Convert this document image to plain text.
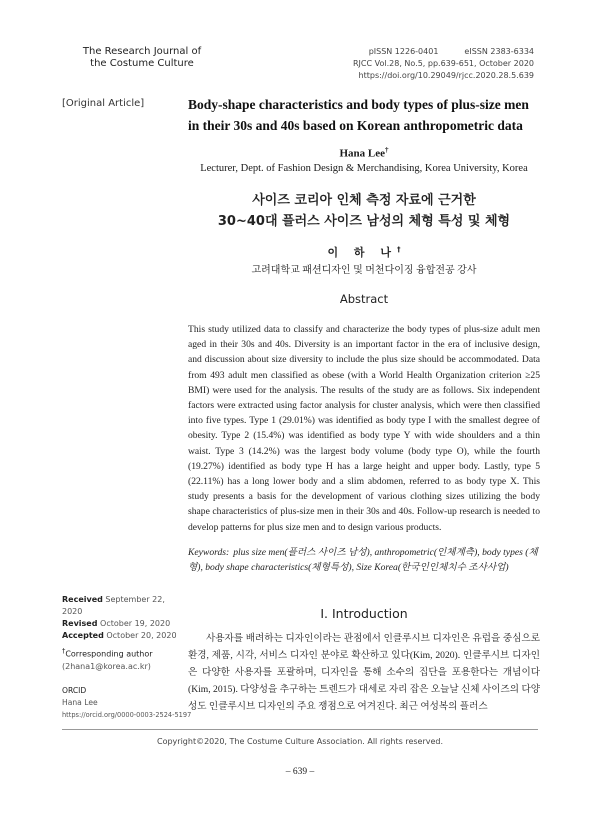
The Research Journal of
the Costume Culture
pISSN 1226-0401	eISSN 2383-6334
RJCC Vol.28, No.5, pp.639-651, October 2020
https://doi.org/10.29049/rjcc.2020.28.5.639
[Original Article]	Body-shape characteristics and body types of plus-size men in their 30s and 40s based on Korean anthropometric data
Hana Lee†
Lecturer, Dept. of Fashion Design & Merchandising, Korea University, Korea
사이즈 코리아 인체 측정 자료에 근거한
30~40대 플러스 사이즈 남성의 체형 특성 및 체형
이 하 나†
고려대학교 패션디자인 및 머천다이징 융합전공 강사
Abstract
This study utilized data to classify and characterize the body types of plus-size adult men aged in their 30s and 40s. Diversity is an important factor in the era of inclusive design, and discussion about size diversity to include the plus size should be accommodated. Data from 493 adult men classified as obese (with a World Health Organization criterion ≥25 BMI) were used for the analysis. The results of the study are as follows. Six independent factors were extracted using factor analysis for cluster analysis, which were then classified into five types. Type 1 (29.01%) was identified as body type I with the smallest degree of obesity. Type 2 (15.4%) was identified as body type Y with wide shoulders and a thin waist. Type 3 (14.2%) was the largest body volume (body type O), while the fourth (19.27%) identified as body type H has a large height and upper body. Lastly, type 5 (22.11%) has a long lower body and a slim abdomen, referred to as body type X. This study presents a basis for the development of various clothing sizes utilizing the body shape characteristics of plus-size men in their 30s and 40s. Follow-up research is needed to develop patterns for plus size men and to design various products.
Keywords: plus size men(플러스 사이즈 남성), anthropometric(인체계측), body types (체형), body shape characteristics(체형특성), Size Korea(한국인인체치수 조사사업)
Received September 22, 2020
Revised October 19, 2020
Accepted October 20, 2020
†Corresponding author
(2hana1@korea.ac.kr)
ORCID
Hana Lee
https://orcid.org/0000-0003-2524-5197
I. Introduction
사용자를 배려하는 디자인이라는 관점에서 인클루시브 디자인은 유럽을 중심으로 환경, 제품, 시각, 서비스 디자인 분야로 확산하고 있다(Kim, 2020). 인클루시브 디자인은 다양한 사용자를 포괄하며, 디자인을 통해 소수의 집단을 포용한다는 개념이다(Kim, 2015). 다양성을 추구하는 트렌드가 대세로 자리 잡은 오늘날 신체 사이즈의 다양성도 인클루시브 디자인의 주요 쟁점으로 여겨진다. 최근 여성복의 플러스
Copyright©2020, The Costume Culture Association. All rights reserved.
– 639 –
